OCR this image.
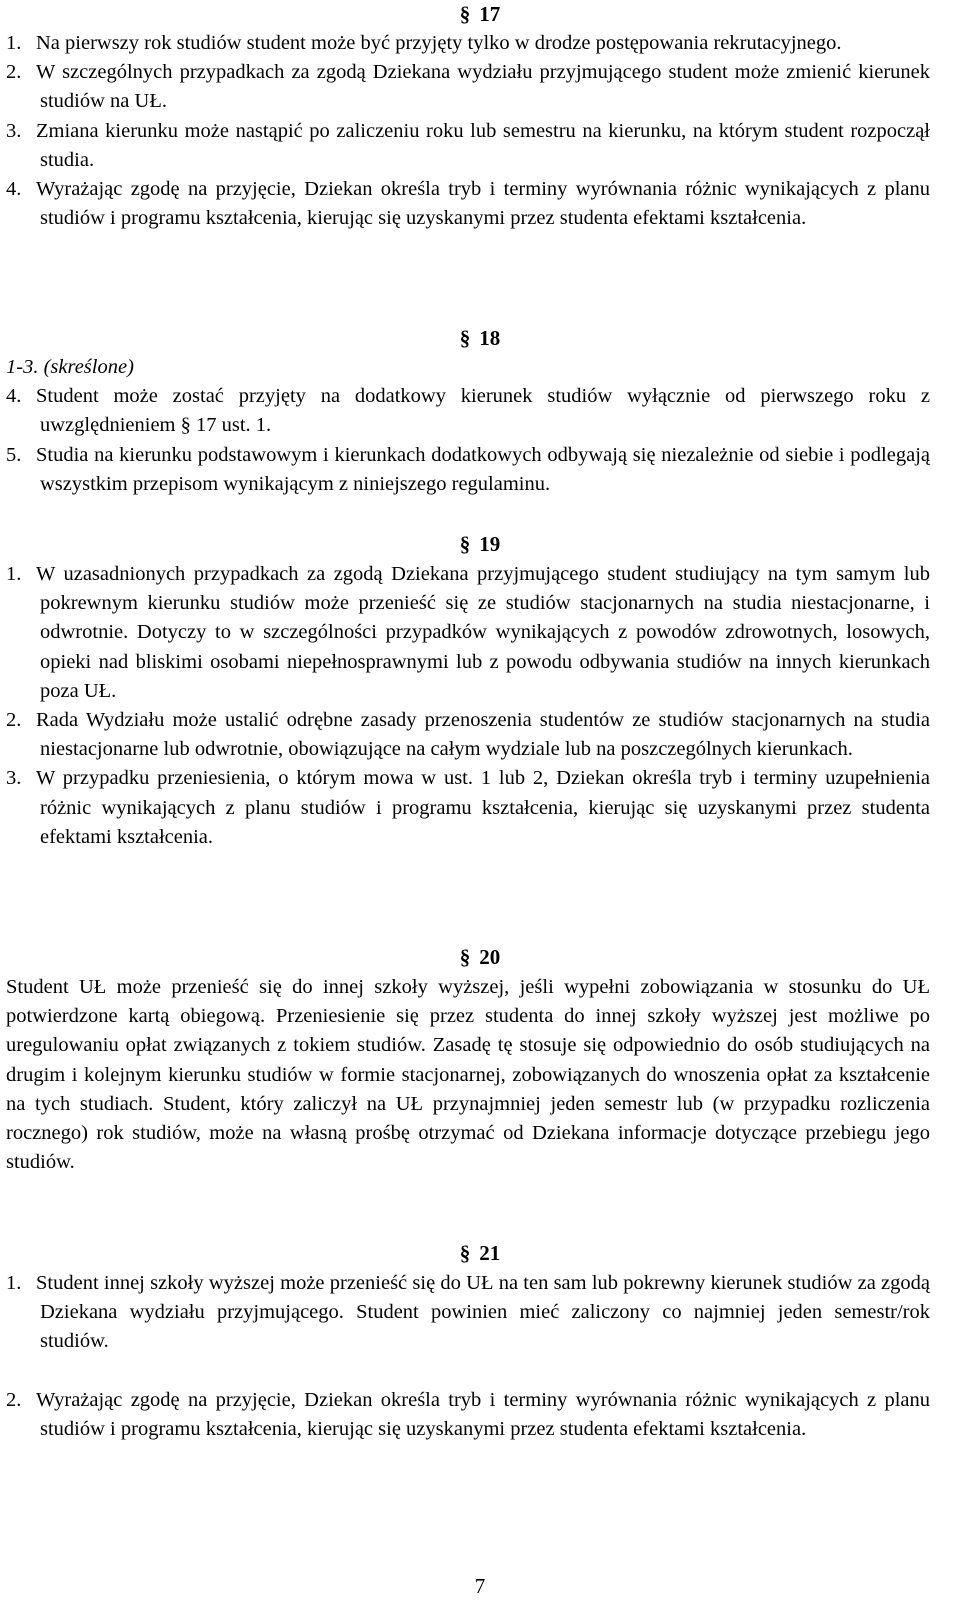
§ 17

1. Na pierwszy rok studiów student może być przyjęty tylko w drodze postępowania rekrutacyjnego.

2. W szczególnych przypadkach za zgodą Dziekana wydziału przyjmującego student może zmienić kierunek studiów na UŁ.

3. Zmiana kierunku może nastąpić po zaliczeniu roku lub semestru na kierunku, na którym student rozpoczął studia.

4. Wyrażając zgodę na przyjęcie, Dziekan określa tryb i terminy wyrównania różnic wynikających z planu studiów i programu kształcenia, kierując się uzyskanymi przez studenta efektami kształcenia.

§ 18

1-3. (skreślone)

4. Student może zostać przyjęty na dodatkowy kierunek studiów wyłącznie od pierwszego roku z uwzględnieniem § 17 ust. 1.

5. Studia na kierunku podstawowym i kierunkach dodatkowych odbywają się niezależnie od siebie i podlegają wszystkim przepisom wynikającym z niniejszego regulaminu.

§ 19

1. W uzasadnionych przypadkach za zgodą Dziekana przyjmującego student studiujący na tym samym lub pokrewnym kierunku studiów może przenieść się ze studiów stacjonarnych na studia niestacjonarne, i odwrotnie. Dotyczy to w szczególności przypadków wynikających z powodów zdrowotnych, losowych, opieki nad bliskimi osobami niepełnosprawnymi lub z powodu odbywania studiów na innych kierunkach poza UŁ.

2. Rada Wydziału może ustalić odrębne zasady przenoszenia studentów ze studiów stacjonarnych na studia niestacjonarne lub odwrotnie, obowiązujące na całym wydziale lub na poszczególnych kierunkach.

3. W przypadku przeniesienia, o którym mowa w ust. 1 lub 2, Dziekan określa tryb i terminy uzupełnienia różnic wynikających z planu studiów i programu kształcenia, kierując się uzyskanymi przez studenta efektami kształcenia.

§ 20

Student UŁ może przenieść się do innej szkoły wyższej, jeśli wypełni zobowiązania w stosunku do UŁ potwierdzone kartą obiegową. Przeniesienie się przez studenta do innej szkoły wyższej jest możliwe po uregulowaniu opłat związanych z tokiem studiów. Zasadę tę stosuje się odpowiednio do osób studiujących na drugim i kolejnym kierunku studiów w formie stacjonarnej, zobowiązanych do wnoszenia opłat za kształcenie na tych studiach. Student, który zaliczył na UŁ przynajmniej jeden semestr lub (w przypadku rozliczenia rocznego) rok studiów, może na własną prośbę otrzymać od Dziekana informacje dotyczące przebiegu jego studiów.

§ 21

1. Student innej szkoły wyższej może przenieść się do UŁ na ten sam lub pokrewny kierunek studiów za zgodą Dziekana wydziału przyjmującego. Student powinien mieć zaliczony co najmniej jeden semestr/rok studiów.

2. Wyrażając zgodę na przyjęcie, Dziekan określa tryb i terminy wyrównania różnic wynikających z planu studiów i programu kształcenia, kierując się uzyskanymi przez studenta efektami kształcenia.

7
